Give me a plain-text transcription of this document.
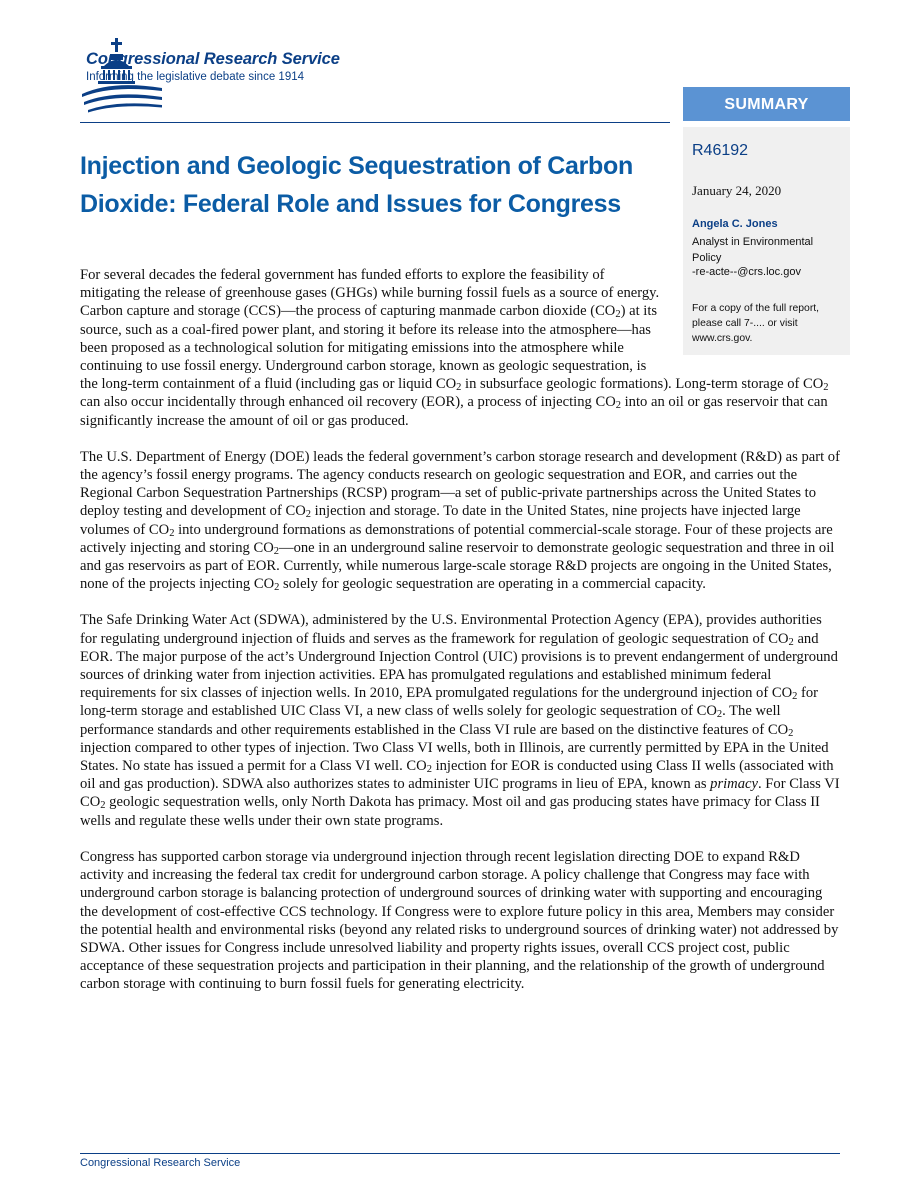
Congressional Research Service
Informing the legislative debate since 1914
SUMMARY
R46192
January 24, 2020
Angela C. Jones
Analyst in Environmental Policy
-re-acte--@crs.loc.gov
For a copy of the full report, please call 7-.... or visit www.crs.gov.
Injection and Geologic Sequestration of Carbon Dioxide: Federal Role and Issues for Congress

For several decades the federal government has funded efforts to explore the feasibility of mitigating the release of greenhouse gases (GHGs) while burning fossil fuels as a source of energy. Carbon capture and storage (CCS)—the process of capturing manmade carbon dioxide (CO2) at its source, such as a coal-fired power plant, and storing it before its release into the atmosphere—has been proposed as a technological solution for mitigating emissions into the atmosphere while continuing to use fossil energy. Underground carbon storage, known as geologic sequestration, is the long-term containment of a fluid (including gas or liquid CO2 in subsurface geologic formations). Long-term storage of CO2 can also occur incidentally through enhanced oil recovery (EOR), a process of injecting CO2 into an oil or gas reservoir that can significantly increase the amount of oil or gas produced.

The U.S. Department of Energy (DOE) leads the federal government’s carbon storage research and development (R&D) as part of the agency’s fossil energy programs. The agency conducts research on geologic sequestration and EOR, and carries out the Regional Carbon Sequestration Partnerships (RCSP) program—a set of public-private partnerships across the United States to deploy testing and development of CO2 injection and storage. To date in the United States, nine projects have injected large volumes of CO2 into underground formations as demonstrations of potential commercial-scale storage. Four of these projects are actively injecting and storing CO2—one in an underground saline reservoir to demonstrate geologic sequestration and three in oil and gas reservoirs as part of EOR. Currently, while numerous large-scale storage R&D projects are ongoing in the United States, none of the projects injecting CO2 solely for geologic sequestration are operating in a commercial capacity.

The Safe Drinking Water Act (SDWA), administered by the U.S. Environmental Protection Agency (EPA), provides authorities for regulating underground injection of fluids and serves as the framework for regulation of geologic sequestration of CO2 and EOR. The major purpose of the act’s Underground Injection Control (UIC) provisions is to prevent endangerment of underground sources of drinking water from injection activities. EPA has promulgated regulations and established minimum federal requirements for six classes of injection wells. In 2010, EPA promulgated regulations for the underground injection of CO2 for long-term storage and established UIC Class VI, a new class of wells solely for geologic sequestration of CO2. The well performance standards and other requirements established in the Class VI rule are based on the distinctive features of CO2 injection compared to other types of injection. Two Class VI wells, both in Illinois, are currently permitted by EPA in the United States. No state has issued a permit for a Class VI well. CO2 injection for EOR is conducted using Class II wells (associated with oil and gas production). SDWA also authorizes states to administer UIC programs in lieu of EPA, known as primacy. For Class VI CO2 geologic sequestration wells, only North Dakota has primacy. Most oil and gas producing states have primacy for Class II wells and regulate these wells under their own state programs.

Congress has supported carbon storage via underground injection through recent legislation directing DOE to expand R&D activity and increasing the federal tax credit for underground carbon storage. A policy challenge that Congress may face with underground carbon storage is balancing protection of underground sources of drinking water with supporting and encouraging the development of cost-effective CCS technology. If Congress were to explore future policy in this area, Members may consider the potential health and environmental risks (beyond any related risks to underground sources of drinking water) not addressed by SDWA. Other issues for Congress include unresolved liability and property rights issues, overall CCS project cost, public acceptance of these sequestration projects and participation in their planning, and the relationship of the growth of underground carbon storage with continuing to burn fossil fuels for generating electricity.

Congressional Research Service
